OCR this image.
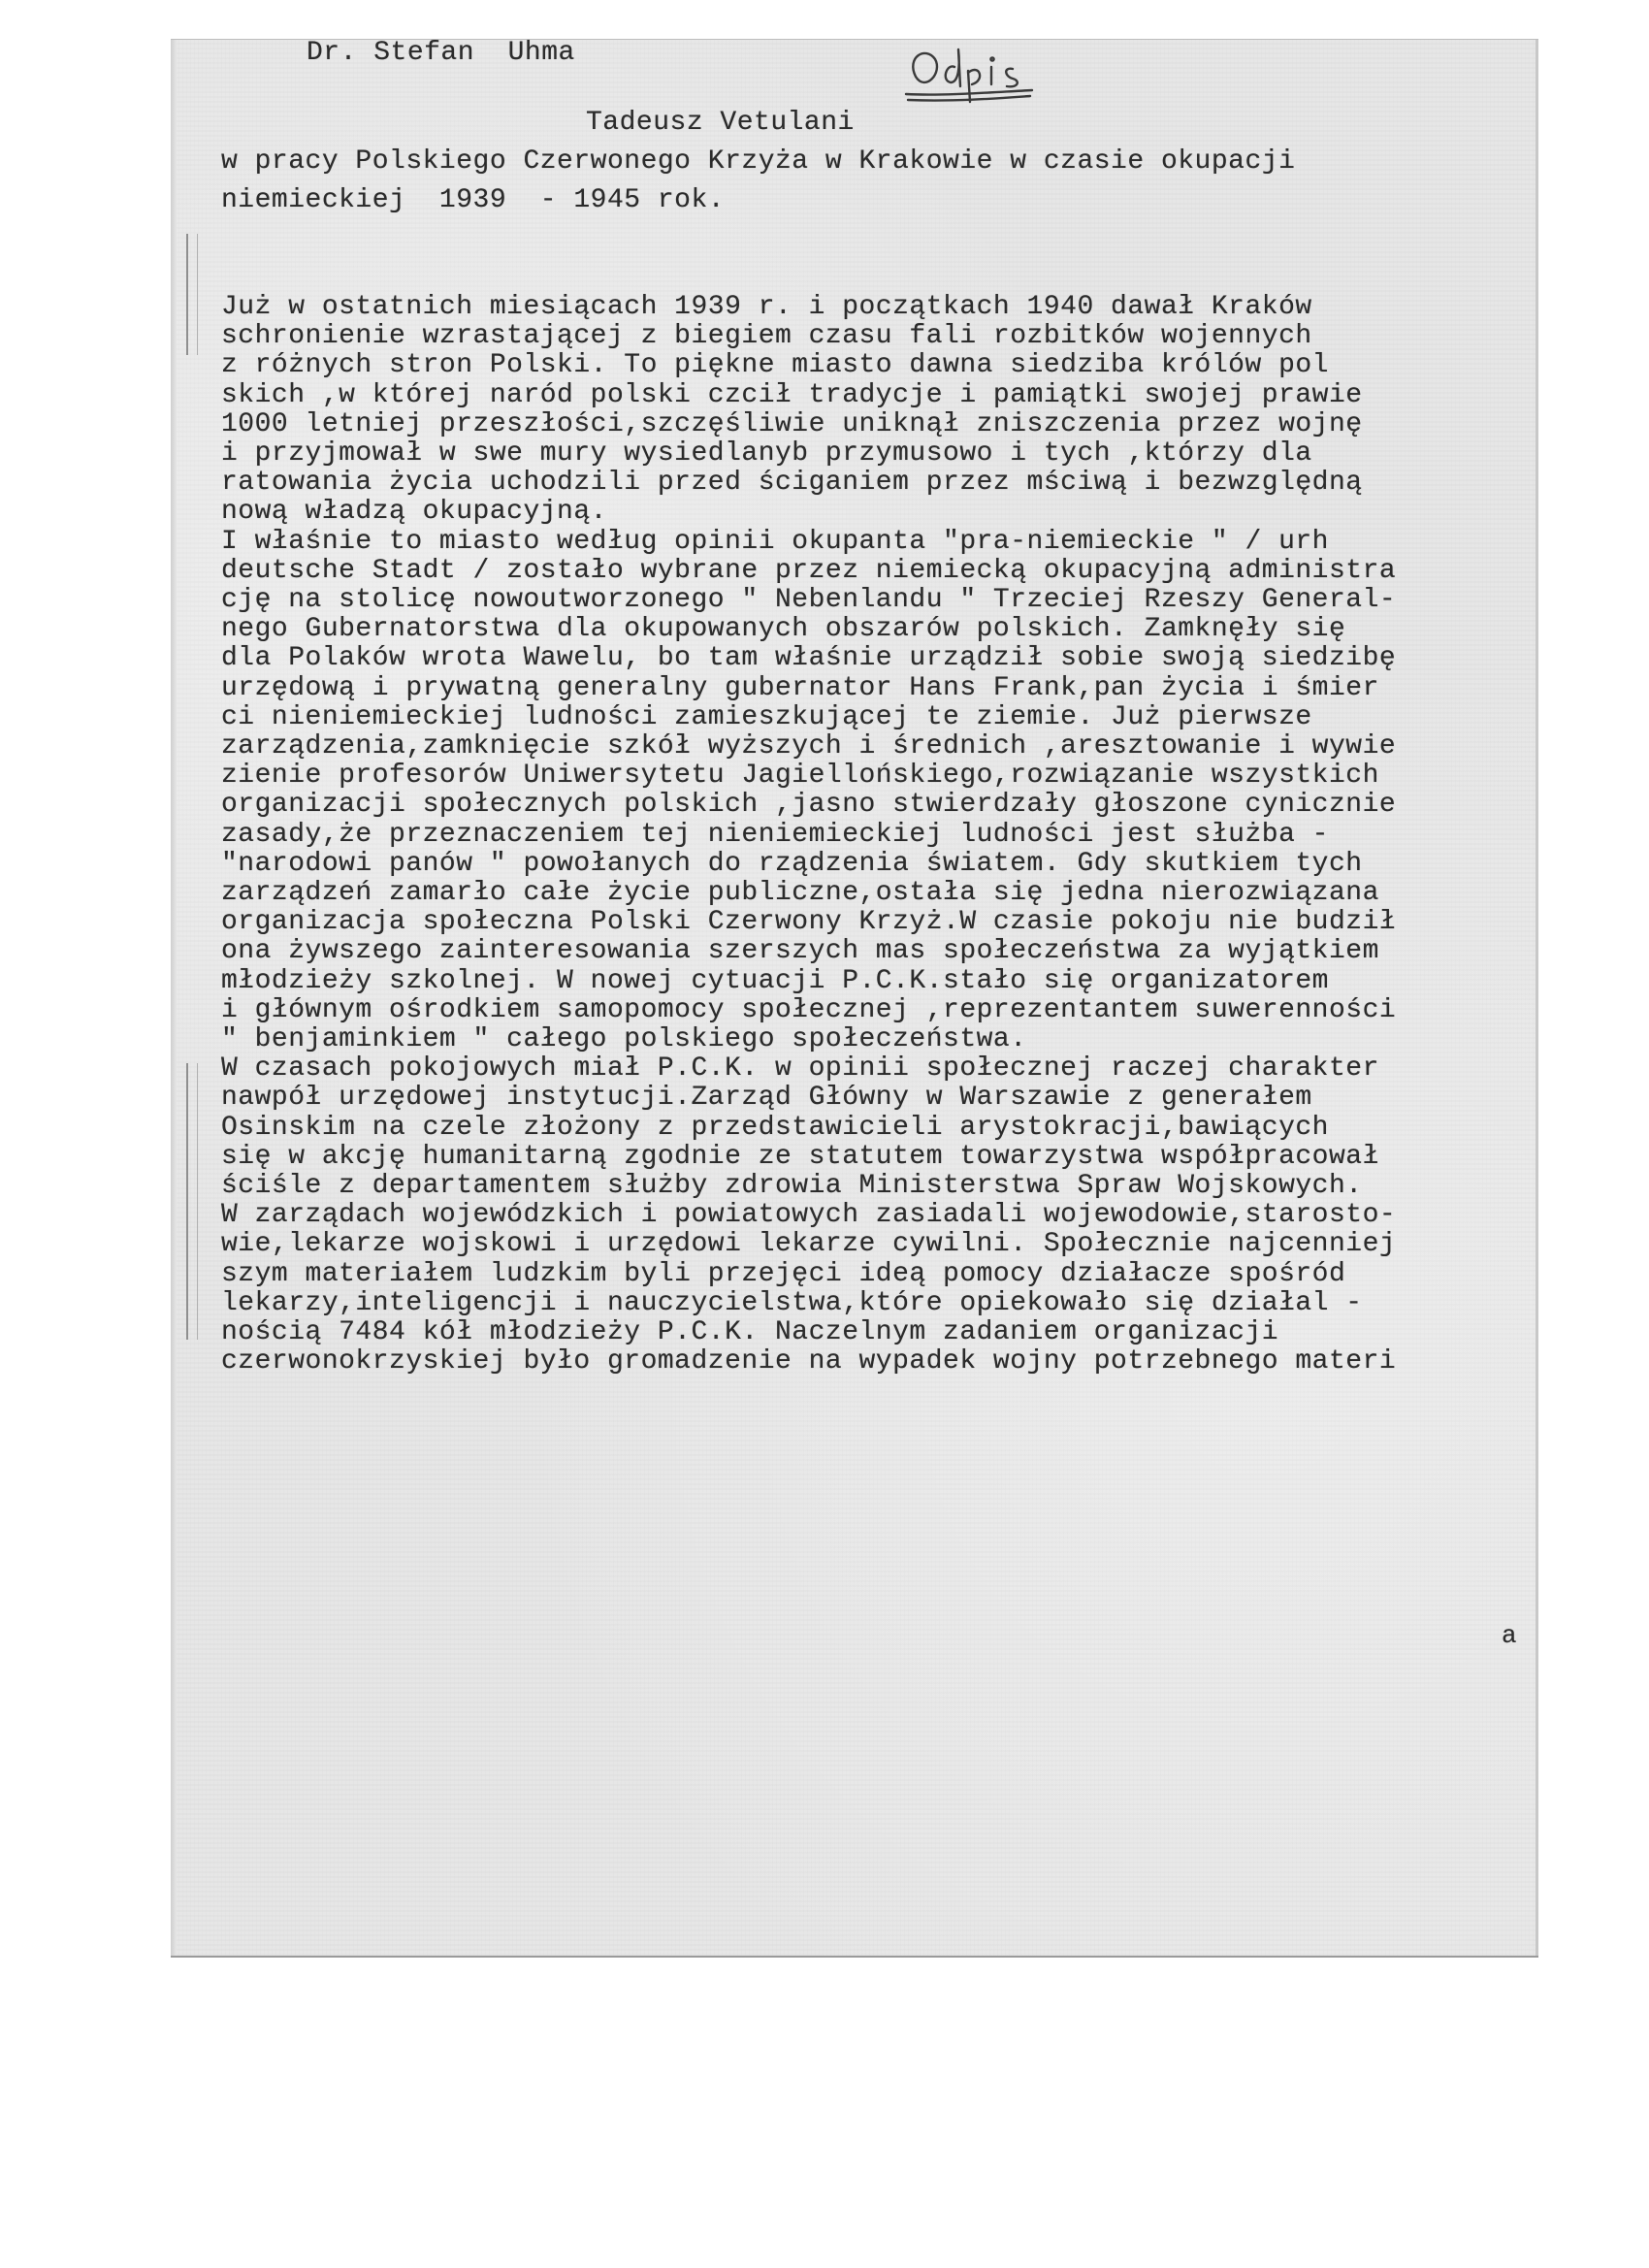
Dr. Stefan  Uhma
Tadeusz Vetulani
w pracy Polskiego Czerwonego Krzyża w Krakowie w czasie okupacji
niemieckiej  1939  - 1945 rok.
Już w ostatnich miesiącach 1939 r. i początkach 1940 dawał Kraków
schronienie wzrastającej z biegiem czasu fali rozbitków wojennych
z różnych stron Polski. To piękne miasto dawna siedziba królów pol
skich ,w której naród polski czcił tradycje i pamiątki swojej prawie
1000 letniej przeszłości,szczęśliwie uniknął zniszczenia przez wojnę
i przyjmował w swe mury wysiedlanyb przymusowo i tych ,którzy dla
ratowania życia uchodzili przed ściganiem przez mściwą i bezwzględną
nową władzą okupacyjną.
I właśnie to miasto według opinii okupanta "pra-niemieckie " / urh
deutsche Stadt / zostało wybrane przez niemiecką okupacyjną administra
cję na stolicę nowoutworzonego " Nebenlandu " Trzeciej Rzeszy General-
nego Gubernatorstwa dla okupowanych obszarów polskich. Zamknęły się
dla Polaków wrota Wawelu, bo tam właśnie urządził sobie swoją siedzibę
urzędową i prywatną generalny gubernator Hans Frank,pan życia i śmier
ci nieniemieckiej ludności zamieszkującej te ziemie. Już pierwsze
zarządzenia,zamknięcie szkół wyższych i średnich ,aresztowanie i wywie
zienie profesorów Uniwersytetu Jagiellońskiego,rozwiązanie wszystkich
organizacji społecznych polskich ,jasno stwierdzały głoszone cynicznie
zasady,że przeznaczeniem tej nieniemieckiej ludności jest służba -
"narodowi panów " powołanych do rządzenia światem. Gdy skutkiem tych
zarządzeń zamarło całe życie publiczne,ostała się jedna nierozwiązana
organizacja społeczna Polski Czerwony Krzyż.W czasie pokoju nie budził
ona żywszego zainteresowania szerszych mas społeczeństwa za wyjątkiem
młodzieży szkolnej. W nowej cytuacji P.C.K.stało się organizatorem
i głównym ośrodkiem samopomocy społecznej ,reprezentantem suwerenności
" benjaminkiem " całego polskiego społeczeństwa.
W czasach pokojowych miał P.C.K. w opinii społecznej raczej charakter
nawpół urzędowej instytucji.Zarząd Główny w Warszawie z generałem
Osinskim na czele złożony z przedstawicieli arystokracji,bawiących
się w akcję humanitarną zgodnie ze statutem towarzystwa współpracował
ściśle z departamentem służby zdrowia Ministerstwa Spraw Wojskowych.
W zarządach wojewódzkich i powiatowych zasiadali wojewodowie,starosto-
wie,lekarze wojskowi i urzędowi lekarze cywilni. Społecznie najcenniej
szym materiałem ludzkim byli przejęci ideą pomocy działacze spośród
lekarzy,inteligencji i nauczycielstwa,które opiekowało się działal -
nością 7484 kół młodzieży P.C.K. Naczelnym zadaniem organizacji
czerwonokrzyskiej było gromadzenie na wypadek wojny potrzebnego materi
a
